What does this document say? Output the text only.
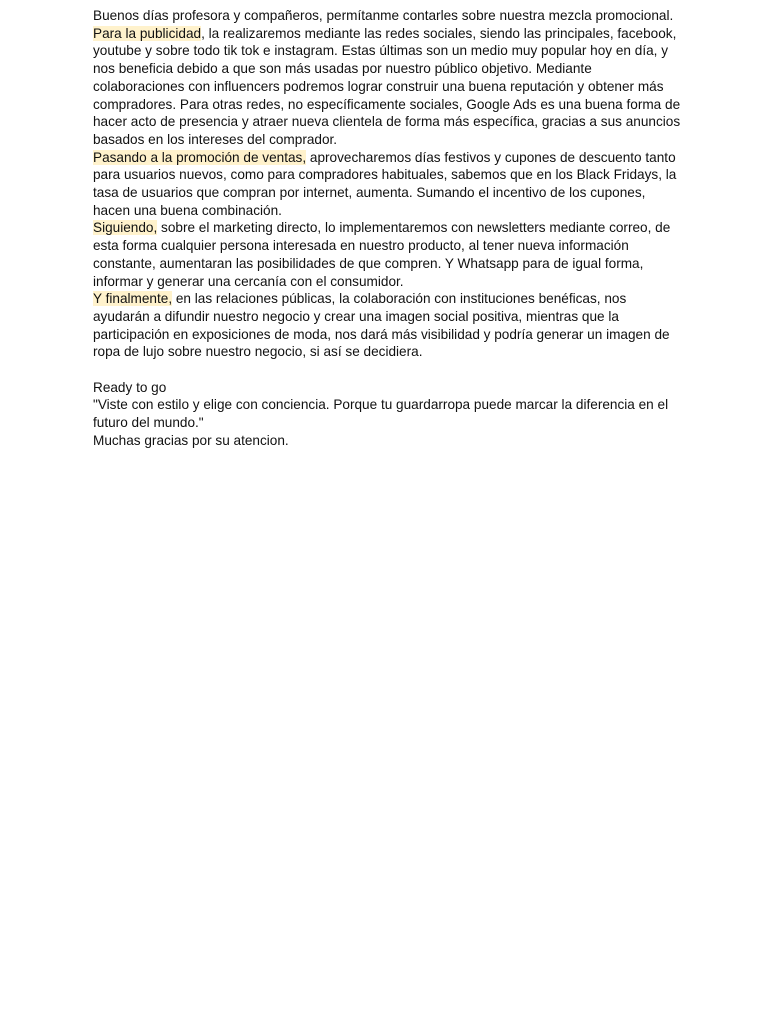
Buenos días profesora y compañeros, permítanme contarles sobre nuestra mezcla promocional.

Para la publicidad, la realizaremos mediante las redes sociales, siendo las principales, facebook, youtube y sobre todo tik tok e instagram. Estas últimas son un medio muy popular hoy en día, y nos beneficia debido a que son más usadas por nuestro público objetivo. Mediante colaboraciones con influencers podremos lograr construir una buena reputación y obtener más compradores. Para otras redes, no específicamente sociales, Google Ads es una buena forma de hacer acto de presencia y atraer nueva clientela de forma más específica, gracias a sus anuncios basados en los intereses del comprador.

Pasando a la promoción de ventas, aprovecharemos días festivos y cupones de descuento tanto para usuarios nuevos, como para compradores habituales, sabemos que en los Black Fridays, la tasa de usuarios que compran por internet, aumenta. Sumando el incentivo de los cupones, hacen una buena combinación.

Siguiendo, sobre el marketing directo, lo implementaremos con newsletters mediante correo, de esta forma cualquier persona interesada en nuestro producto, al tener nueva información constante, aumentaran las posibilidades de que compren. Y Whatsapp para de igual forma, informar y generar una cercanía con el consumidor.

Y finalmente, en las relaciones públicas, la colaboración con instituciones benéficas, nos ayudarán a difundir nuestro negocio y crear una imagen social positiva, mientras que la participación en exposiciones de moda, nos dará más visibilidad y podría generar un imagen de ropa de lujo sobre nuestro negocio, si así se decidiera.

Ready to go

"Viste con estilo y elige con conciencia. Porque tu guardarropa puede marcar la diferencia en el futuro del mundo."

Muchas gracias por su atencion.
